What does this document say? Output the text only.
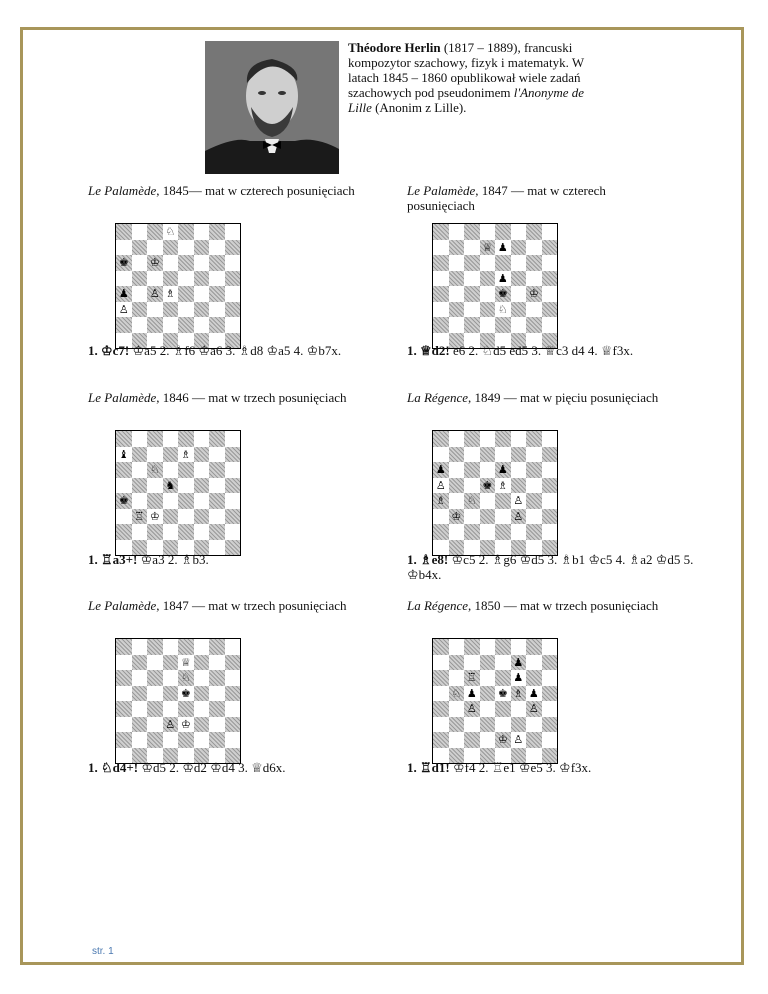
Théodore Herlin (1817 – 1889), francuski kompozytor szachowy, fizyk i matematyk. W latach 1845 – 1860 opublikował wiele zadań szachowych pod pseudonimem l'Anonyme de Lille (Anonim z Lille).
Le Palamède, 1845— mat w czterech posunięciach
♘
♚ ♔
♟ ♙ ♗
♙
1. ♔c7! ♔a5 2. ♗f6 ♔a6 3. ♗d8 ♔a5 4. ♔b7x.
Le Palamède, 1847 — mat w czterech posunięciach
♕ ♟
♟
♚ ♔
♘
1. ♕d2! e6 2. ♘d5 ed5 3. ♕c3 d4 4. ♕f3x.
Le Palamède, 1846 — mat w trzech posunięciach
♝	♗
♘
♞
♚
♖ ♔
1. ♖a3+! ♔a3 2. ♗b3.
La Régence, 1849 — mat w pięciu posunięciach
♟	♟
♙	♚ ♗
♗ ♘	♙
♔	♙
1. ♗e8! ♔c5 2. ♗g6 ♔d5 3. ♗b1 ♔c5 4. ♗a2 ♔d5 5. ♔b4x.
Le Palamède, 1847 — mat w trzech posunięciach
♕
♘
♚
♙ ♔
1. ♘d4+! ♔d5 2. ♔d2 ♔d4 3. ♕d6x.
La Régence, 1850 — mat w trzech posunięciach
♟
♖	♟
♘ ♟ ♚ ♗ ♟
♙	♙
♔ ♙
1. ♖d1! ♔f4 2. ♖e1 ♔e5 3. ♔f3x.
str. 1
